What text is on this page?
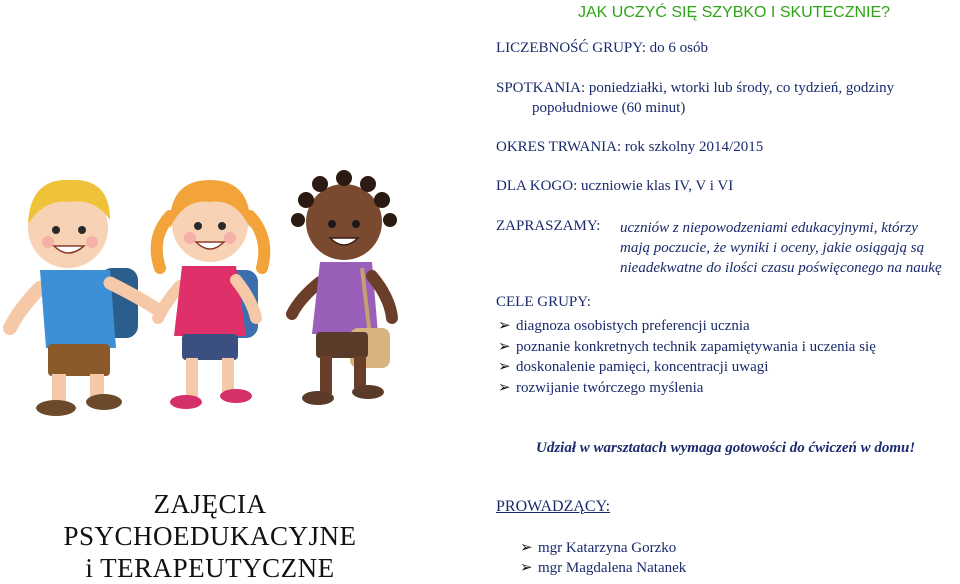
JAK UCZYĆ SIĘ SZYBKO I SKUTECZNIE?
LICZEBNOŚĆ GRUPY: do 6 osób
SPOTKANIA: poniedziałki, wtorki lub środy, co tydzień, godziny
popołudniowe (60 minut)
OKRES TRWANIA: rok szkolny 2014/2015
DLA KOGO: uczniowie klas IV, V i VI
ZAPRASZAMY: uczniów z niepowodzeniami edukacyjnymi, którzy
mają poczucie, że wyniki i oceny, jakie osiągają są
nieadekwatne do ilości czasu poświęconego na naukę
CELE GRUPY:
➢ diagnoza osobistych preferencji ucznia
➢ poznanie konkretnych technik zapamiętywania i uczenia się
➢ doskonalenie pamięci, koncentracji uwagi
➢ rozwijanie twórczego myślenia
Udział w warsztatach wymaga gotowości do ćwiczeń w domu!
ZAJĘCIA
PSYCHOEDUKACYJNE
i TERAPEUTYCZNE
PROWADZĄCY:
➢ mgr Katarzyna Gorzko
➢ mgr Magdalena Natanek
